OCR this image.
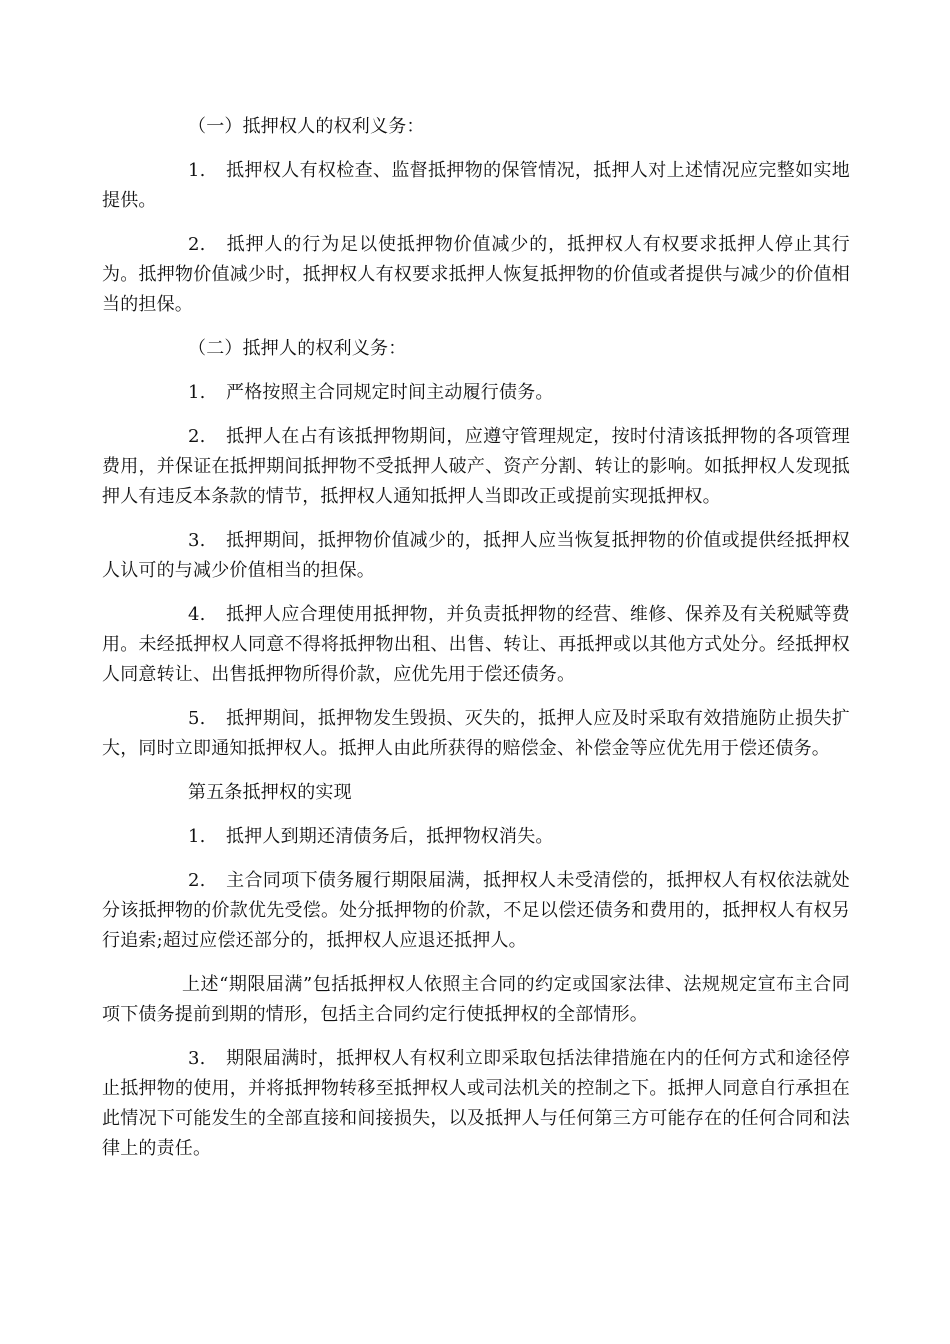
（一）抵押权人的权利义务：

1. 抵押权人有权检查、监督抵押物的保管情况，抵押人对上述情况应完整如实地提供。

2. 抵押人的行为足以使抵押物价值减少的，抵押权人有权要求抵押人停止其行为。抵押物价值减少时，抵押权人有权要求抵押人恢复抵押物的价值或者提供与减少的价值相当的担保。

（二）抵押人的权利义务：

1. 严格按照主合同规定时间主动履行债务。

2. 抵押人在占有该抵押物期间，应遵守管理规定，按时付清该抵押物的各项管理费用，并保证在抵押期间抵押物不受抵押人破产、资产分割、转让的影响。如抵押权人发现抵押人有违反本条款的情节，抵押权人通知抵押人当即改正或提前实现抵押权。

3. 抵押期间，抵押物价值减少的，抵押人应当恢复抵押物的价值或提供经抵押权人认可的与减少价值相当的担保。

4. 抵押人应合理使用抵押物，并负责抵押物的经营、维修、保养及有关税赋等费用。未经抵押权人同意不得将抵押物出租、出售、转让、再抵押或以其他方式处分。经抵押权人同意转让、出售抵押物所得价款，应优先用于偿还债务。

5. 抵押期间，抵押物发生毁损、灭失的，抵押人应及时采取有效措施防止损失扩大，同时立即通知抵押权人。抵押人由此所获得的赔偿金、补偿金等应优先用于偿还债务。

第五条抵押权的实现

1. 抵押人到期还清债务后，抵押物权消失。

2. 主合同项下债务履行期限届满，抵押权人未受清偿的，抵押权人有权依法就处分该抵押物的价款优先受偿。处分抵押物的价款，不足以偿还债务和费用的，抵押权人有权另行追索;超过应偿还部分的，抵押权人应退还抵押人。

上述“期限届满”包括抵押权人依照主合同的约定或国家法律、法规规定宣布主合同项下债务提前到期的情形，包括主合同约定行使抵押权的全部情形。

3. 期限届满时，抵押权人有权利立即采取包括法律措施在内的任何方式和途径停止抵押物的使用，并将抵押物转移至抵押权人或司法机关的控制之下。抵押人同意自行承担在此情况下可能发生的全部直接和间接损失，以及抵押人与任何第三方可能存在的任何合同和法律上的责任。
